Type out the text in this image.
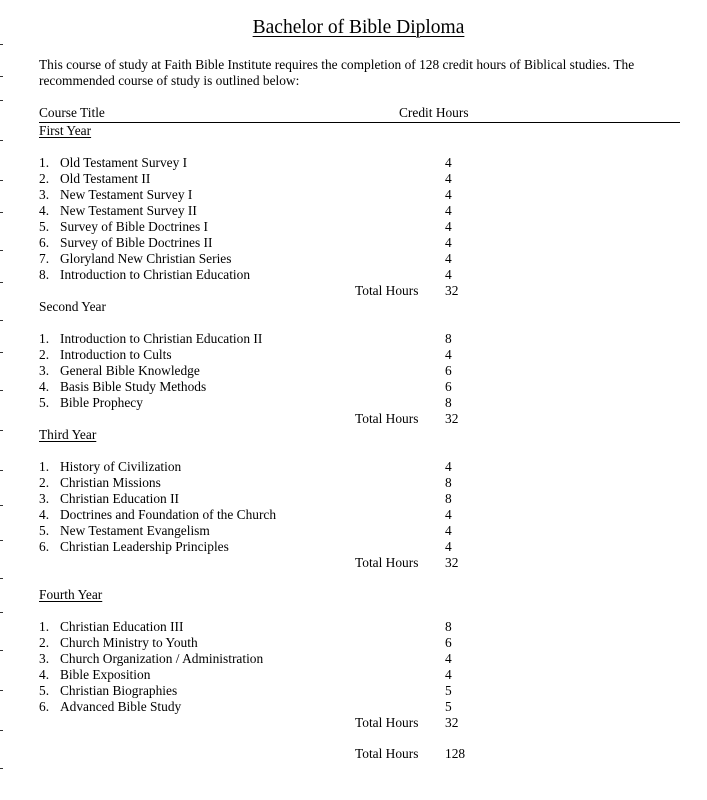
Bachelor of Bible Diploma
This course of study at Faith Bible Institute requires the completion of 128 credit hours of Biblical studies. The recommended course of study is outlined below:
Course Title	Credit Hours
First Year
1. Old Testament Survey I	4
2. Old Testament II	4
3. New Testament Survey I	4
4. New Testament Survey II	4
5. Survey of Bible Doctrines I	4
6. Survey of Bible Doctrines II	4
7. Gloryland New Christian Series	4
8. Introduction to Christian Education	4
Total Hours 32
Second Year
1. Introduction to Christian Education II	8
2. Introduction to Cults	4
3. General Bible Knowledge	6
4. Basis Bible Study Methods	6
5. Bible Prophecy	8
Total Hours 32
Third Year
1. History of Civilization	4
2. Christian Missions	8
3. Christian Education II	8
4. Doctrines and Foundation of the Church	4
5. New Testament Evangelism	4
6. Christian Leadership Principles	4
Total Hours 32
Fourth Year
1. Christian Education III	8
2. Church Ministry to Youth	6
3. Church Organization / Administration	4
4. Bible Exposition	4
5. Christian Biographies	5
6. Advanced Bible Study	5
Total Hours 32
Total Hours 128
